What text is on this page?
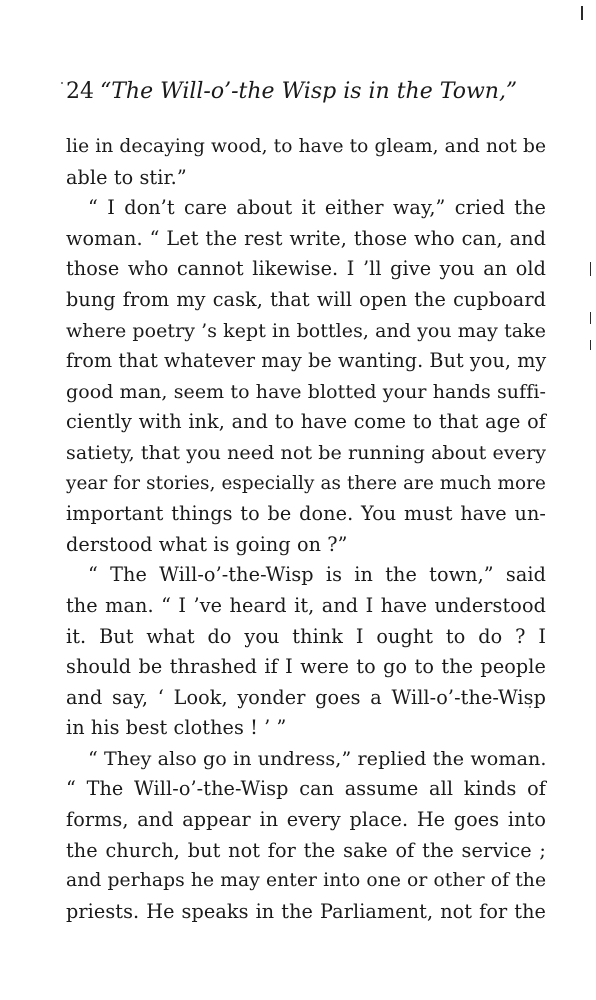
24 “The Will-o’-the Wisp is in the Town,”
lie in decaying wood, to have to gleam, and not be
able to stir.”
“ I don’t care about it either way,” cried the
woman. “ Let the rest write, those who can, and
those who cannot likewise. I ’ll give you an old
bung from my cask, that will open the cupboard
where poetry ’s kept in bottles, and you may take
from that whatever may be wanting. But you, my
good man, seem to have blotted your hands suffi-
ciently with ink, and to have come to that age of
satiety, that you need not be running about every
year for stories, especially as there are much more
important things to be done. You must have un-
derstood what is going on ?”
“ The Will-o’-the-Wisp is in the town,” said
the man. “ I ’ve heard it, and I have understood
it. But what do you think I ought to do ? I
should be thrashed if I were to go to the people
and say, ‘ Look, yonder goes a Will-o’-the-Wisp
in his best clothes ! ’ ”
“ They also go in undress,” replied the woman.
“ The Will-o’-the-Wisp can assume all kinds of
forms, and appear in every place. He goes into
the church, but not for the sake of the service ;
and perhaps he may enter into one or other of the
priests. He speaks in the Parliament, not for the
